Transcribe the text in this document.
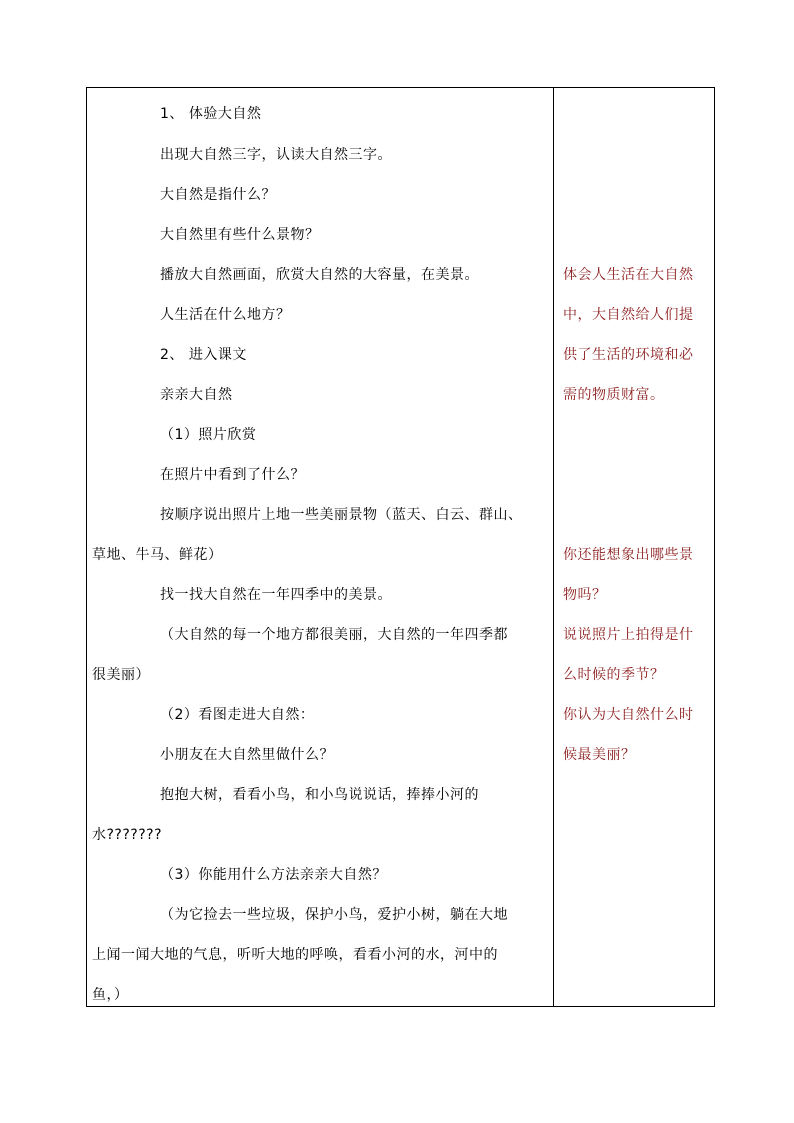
1、 体验大自然
出现大自然三字，认读大自然三字。
大自然是指什么？
大自然里有些什么景物？
播放大自然画面，欣赏大自然的大容量，在美景。
人生活在什么地方？
2、 进入课文
亲亲大自然
（1）照片欣赏
在照片中看到了什么？
按顺序说出照片上地一些美丽景物（蓝天、白云、群山、
草地、牛马、鲜花）
找一找大自然在一年四季中的美景。
（大自然的每一个地方都很美丽，大自然的一年四季都
很美丽）
（2）看图走进大自然：
小朋友在大自然里做什么？
抱抱大树，看看小鸟，和小鸟说说话，捧捧小河的
水???????
（3）你能用什么方法亲亲大自然？
（为它捡去一些垃圾，保护小鸟，爱护小树，躺在大地
上闻一闻大地的气息，听听大地的呼唤，看看小河的水，河中的
鱼，）
体会人生活在大自然
中，大自然给人们提
供了生活的环境和必
需的物质财富。
你还能想象出哪些景
物吗？
说说照片上拍得是什
么时候的季节？
你认为大自然什么时
候最美丽？
